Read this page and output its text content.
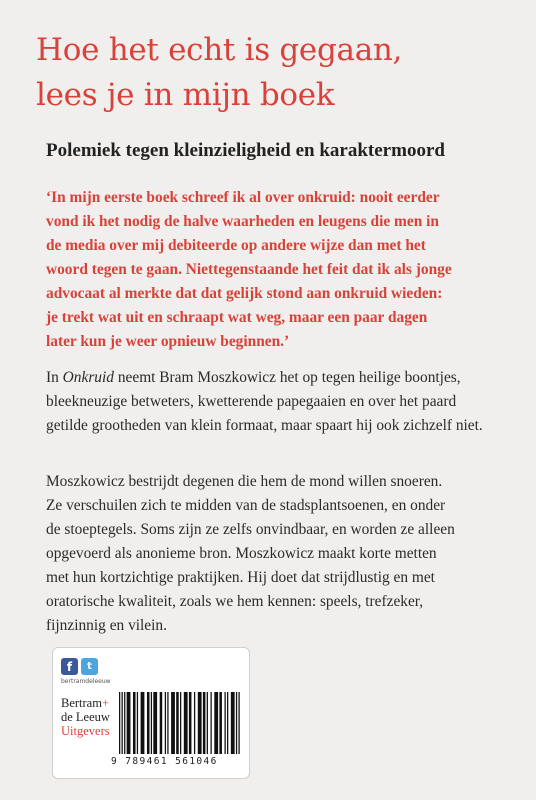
Hoe het echt is gegaan,
lees je in mijn boek
Polemiek tegen kleinzieligheid en karaktermoord

‘In mijn eerste boek schreef ik al over onkruid: nooit eerder
vond ik het nodig de halve waarheden en leugens die men in
de media over mij debiteerde op andere wijze dan met het
woord tegen te gaan. Niettegenstaande het feit dat ik als jonge
advocaat al merkte dat dat gelijk stond aan onkruid wieden:
je trekt wat uit en schraapt wat weg, maar een paar dagen
later kun je weer opnieuw beginnen.’

In Onkruid neemt Bram Moszkowicz het op tegen heilige boontjes,
bleekneuzige betweters, kwetterende papegaaien en over het paard
getilde grootheden van klein formaat, maar spaart hij ook zichzelf niet.

Moszkowicz bestrijdt degenen die hem de mond willen snoeren.
Ze verschuilen zich te midden van de stadsplantsoenen, en onder
de stoeptegels. Soms zijn ze zelfs onvindbaar, en worden ze alleen
opgevoerd als anonieme bron. Moszkowicz maakt korte metten
met hun kortzichtige praktijken. Hij doet dat strijdlustig en met
oratorische kwaliteit, zoals we hem kennen: speels, trefzeker,
fijnzinnig en vilein.

f	t
bertramdeleeuw
Bertram+
de Leeuw
Uitgevers
9 789461 561046
